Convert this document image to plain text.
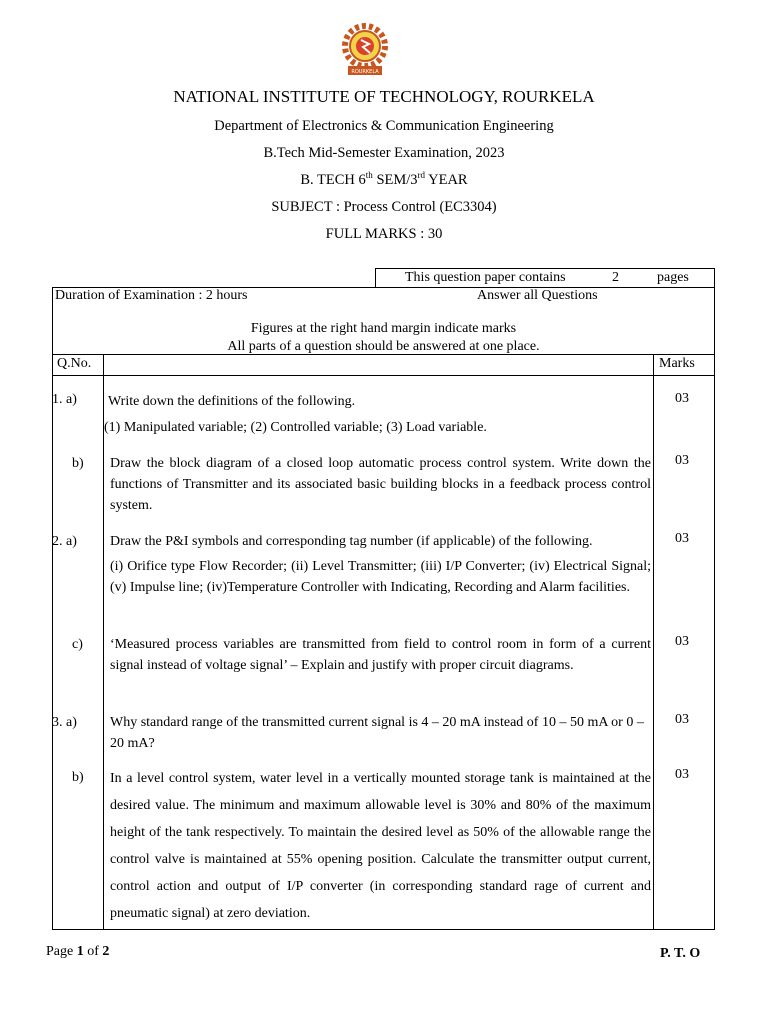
ROURKELA
NATIONAL INSTITUTE OF TECHNOLOGY, ROURKELA
Department of Electronics & Communication Engineering
B.Tech Mid-Semester Examination, 2023
B. TECH 6th SEM/3rd YEAR
SUBJECT : Process Control (EC3304)
FULL MARKS : 30
This question paper contains	2	pages
Duration of Examination : 2 hours	Answer all Questions
Figures at the right hand margin indicate marks
All parts of a question should be answered at one place.
Q.No.	Marks
1. a) Write down the definitions of the following.
(1) Manipulated variable; (2) Controlled variable; (3) Load variable.
03
b) Draw the block diagram of a closed loop automatic process control system. Write down the functions of Transmitter and its associated basic building blocks in a feedback process control system.
03
2. a) Draw the P&I symbols and corresponding tag number (if applicable) of the following.
(i) Orifice type Flow Recorder; (ii) Level Transmitter; (iii) I/P Converter; (iv) Electrical Signal; (v) Impulse line; (iv)Temperature Controller with Indicating, Recording and Alarm facilities.
03
c) ‘Measured process variables are transmitted from field to control room in form of a current signal instead of voltage signal’ – Explain and justify with proper circuit diagrams.
03
3. a) Why standard range of the transmitted current signal is 4 – 20 mA instead of 10 – 50 mA or 0 – 20 mA?
03
b) In a level control system, water level in a vertically mounted storage tank is maintained at the desired value. The minimum and maximum allowable level is 30% and 80% of the maximum height of the tank respectively. To maintain the desired level as 50% of the allowable range the control valve is maintained at 55% opening position. Calculate the transmitter output current, control action and output of I/P converter (in corresponding standard rage of current and pneumatic signal) at zero deviation.
03
Page 1 of 2	P. T. O
